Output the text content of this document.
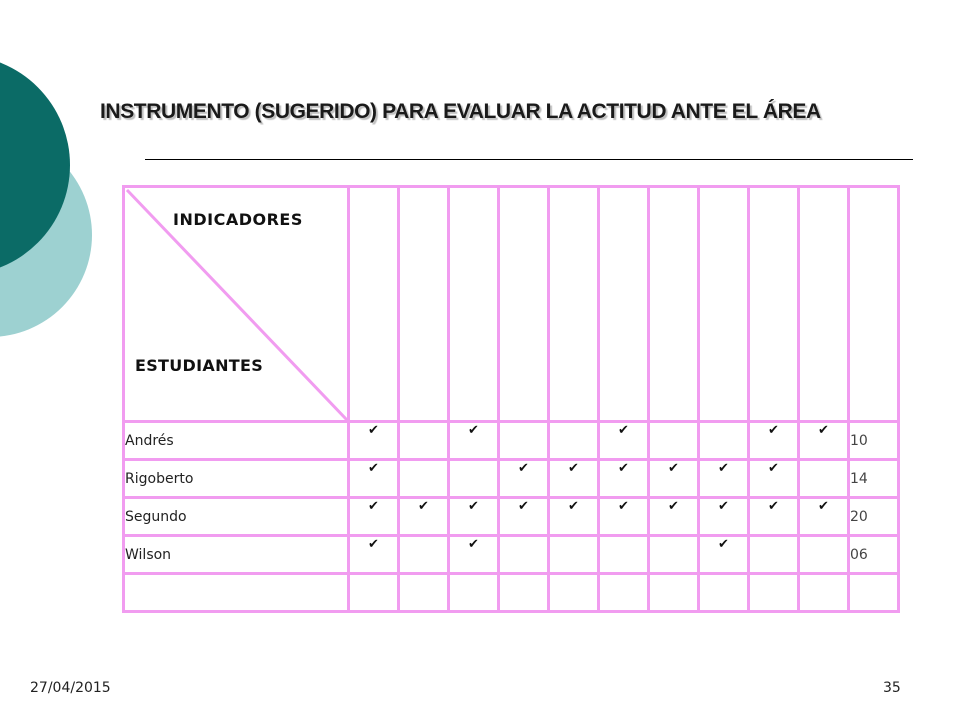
INSTRUMENTO (SUGERIDO) PARA EVALUAR LA ACTITUD ANTE EL ÁREA
INDICADORES
ESTUDIANTES											

Andrés	✔		✔			✔			✔	✔	10
Rigoberto	✔			✔	✔	✔	✔	✔	✔		14
Segundo	✔	✔	✔	✔	✔	✔	✔	✔	✔	✔	20
Wilson	✔		✔					✔			06

27/04/2015	35
